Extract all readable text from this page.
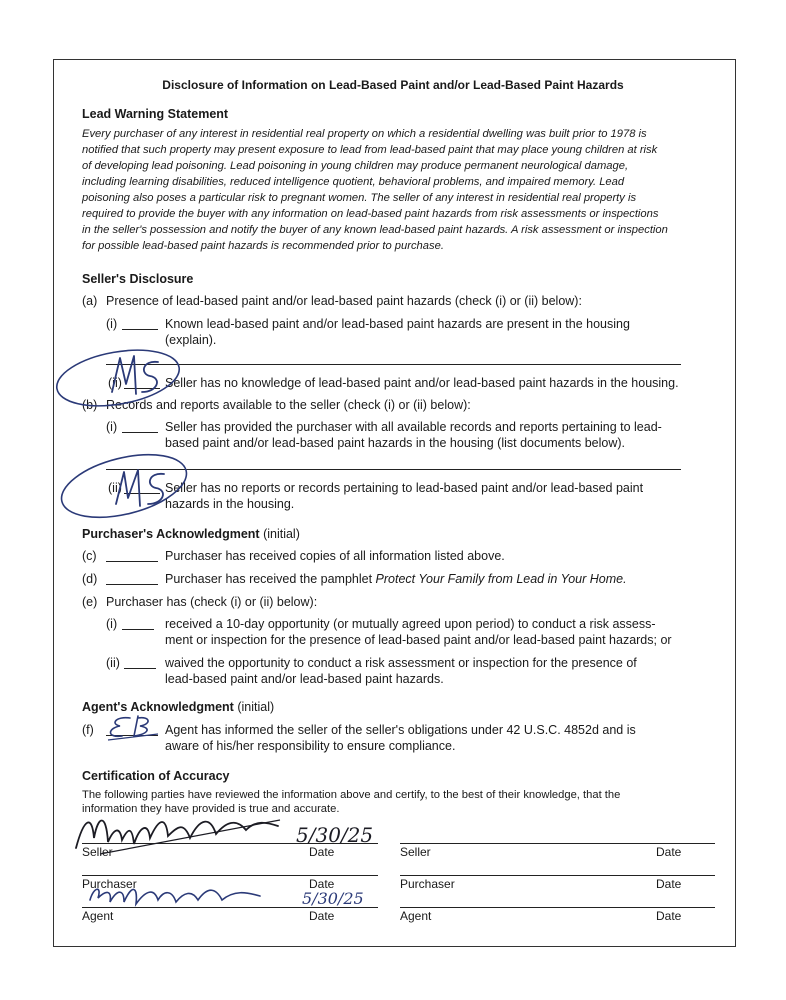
Disclosure of Information on Lead-Based Paint and/or Lead-Based Paint Hazards
Lead Warning Statement
Every purchaser of any interest in residential real property on which a residential dwelling was built prior to 1978 is
notified that such property may present exposure to lead from lead-based paint that may place young children at risk
of developing lead poisoning. Lead poisoning in young children may produce permanent neurological damage,
including learning disabilities, reduced intelligence quotient, behavioral problems, and impaired memory. Lead
poisoning also poses a particular risk to pregnant women. The seller of any interest in residential real property is
required to provide the buyer with any information on lead-based paint hazards from risk assessments or inspections
in the seller's possession and notify the buyer of any known lead-based paint hazards. A risk assessment or inspection
for possible lead-based paint hazards is recommended prior to purchase.
Seller's Disclosure
(a) Presence of lead-based paint and/or lead-based paint hazards (check (i) or (ii) below):
(i)	Known lead-based paint and/or lead-based paint hazards are present in the housing
(explain).
(ii)	Seller has no knowledge of lead-based paint and/or lead-based paint hazards in the housing.
(b) Records and reports available to the seller (check (i) or (ii) below):
(i)	Seller has provided the purchaser with all available records and reports pertaining to lead-
based paint and/or lead-based paint hazards in the housing (list documents below).
(ii)	Seller has no reports or records pertaining to lead-based paint and/or lead-based paint
hazards in the housing.
Purchaser's Acknowledgment (initial)
(c)	Purchaser has received copies of all information listed above.
(d)	Purchaser has received the pamphlet Protect Your Family from Lead in Your Home.
(e) Purchaser has (check (i) or (ii) below):
(i)	received a 10-day opportunity (or mutually agreed upon period) to conduct a risk assess-
ment or inspection for the presence of lead-based paint and/or lead-based paint hazards; or
(ii)	waived the opportunity to conduct a risk assessment or inspection for the presence of
lead-based paint and/or lead-based paint hazards.
Agent's Acknowledgment (initial)
(f)	Agent has informed the seller of the seller's obligations under 42 U.S.C. 4852d and is
aware of his/her responsibility to ensure compliance.
Certification of Accuracy
The following parties have reviewed the information above and certify, to the best of their knowledge, that the
information they have provided is true and accurate.
Seller	Date	Seller	Date
Purchaser	Date	Purchaser	Date
Agent	Date	Agent	Date
5/30/25
5/30/25
